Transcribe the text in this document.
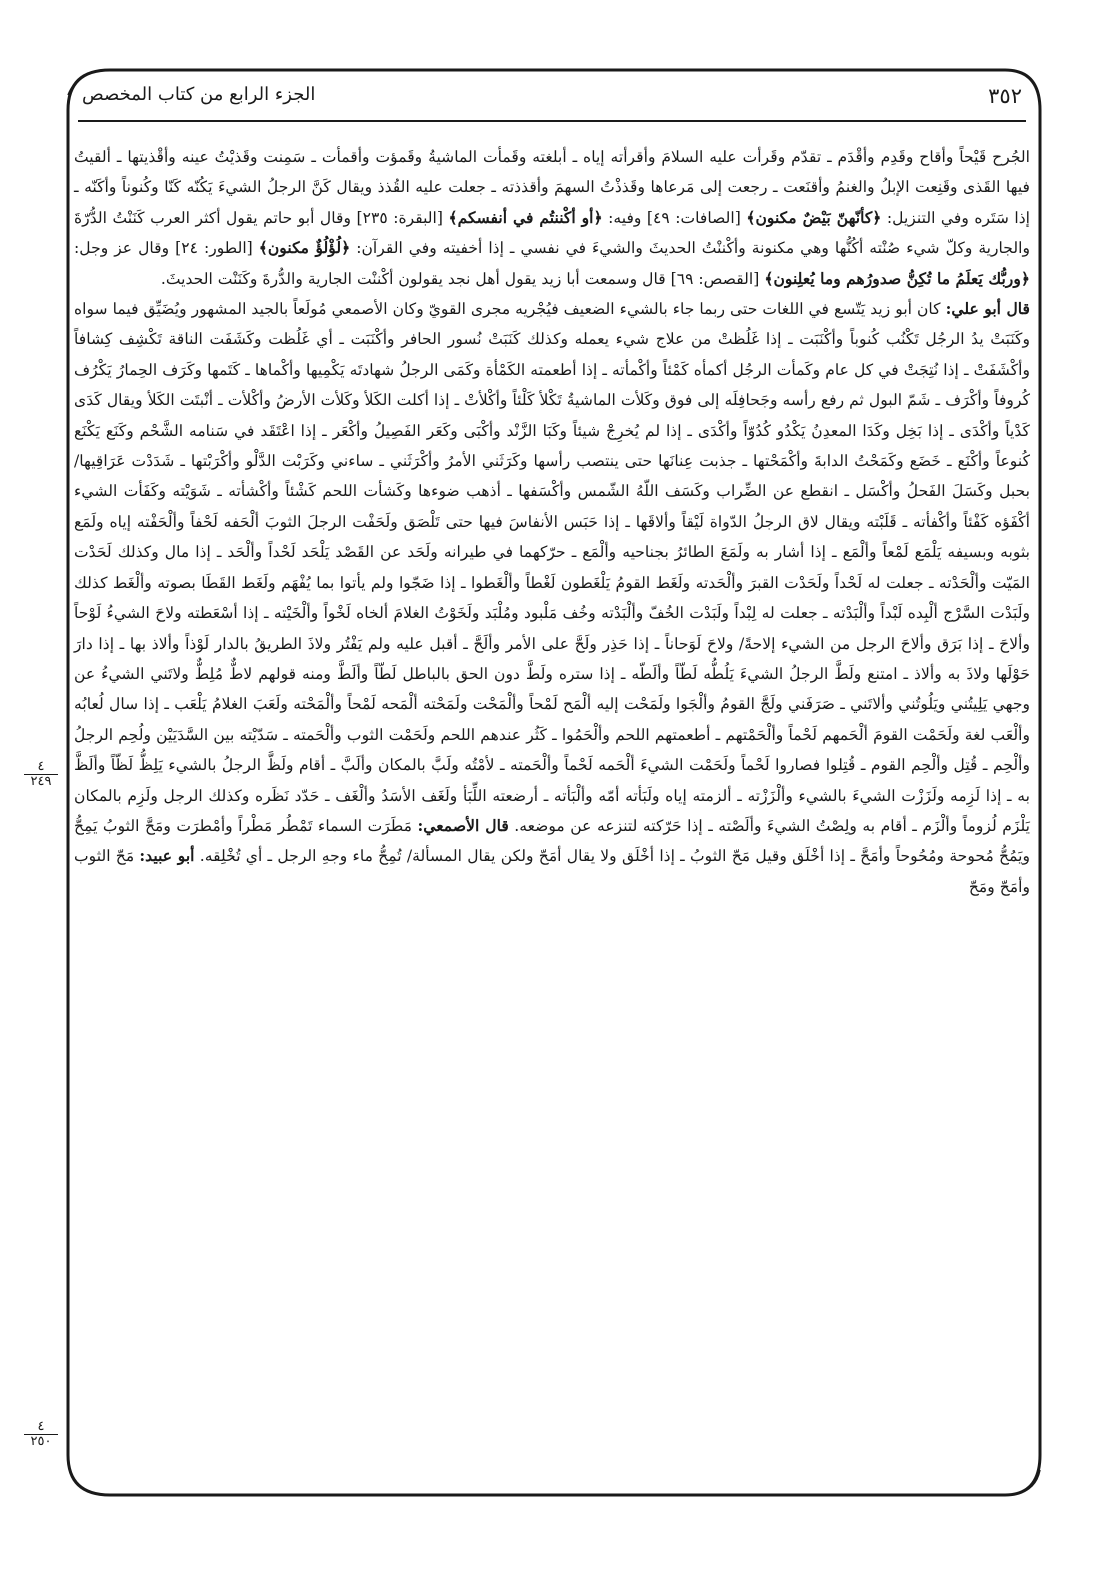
٣٥٢
الجزء الرابع من كتاب المخصص

الجُرح قَيْحاً وأقاح وقَدِم وأقْدَم ـ تقدّم وقَرأت عليه السلامَ وأقرأته إياه ـ أبلغته وقَمأت الماشيةُ وقَمؤت وأقمأت ـ سَمِنت وقَذيْتُ عينه وأقْذيتها ـ ألقيتُ فيها القَذى وقَنِعت الإبلُ والغنمُ وأقنَعت ـ رجعت إلى مَرعاها وقَذذْتُ السهمَ وأقذذته ـ جعلت عليه القُذذ ويقال كَنَّ الرجلُ الشيءَ يَكُنّه كَنّا وكُنوناً وأكَنّه ـ إذا سَتَره وفي التنزيل: ﴿كأنّهنّ بَيْضٌ مكنون﴾ [الصافات: ٤٩] وفيه: ﴿أو أكْننتُم في أنفسكم﴾ [البقرة: ٢٣٥] وقال أبو حاتم يقول أكثر العرب كَنَنْتُ الدُّرّةَ والجارية وكلّ شيء صُنْته أكُنُّها وهي مكنونة وأكْننْتُ الحديثَ والشيءَ في نفسي ـ إذا أخفيته وفي القرآن: ﴿لُؤْلُؤٌ مكنون﴾ [الطور: ٢٤] وقال عز وجل: ﴿وربُّك يَعلَمُ ما تُكِنُّ صدورُهم وما يُعلِنون﴾ [القصص: ٦٩] قال وسمعت أبا زيد يقول أهل نجد يقولون أكْننْت الجارية والدُّرةَ وكَنَنْت الحديثَ.

قال أبو علي: كان أبو زيد يَتّسع في اللغات حتى ربما جاء بالشيء الضعيف فيُجْريه مجرى القويّ وكان الأصمعي مُولَعاً بالجيد المشهور ويُضَيِّق فيما سواه وكَنَبَتْ يدُ الرجُل تَكْنُب كُنوباً وأكْنَبَت ـ إذا غَلُظتْ من علاج شيء يعمله وكذلك كَنَبَتْ نُسور الحافر وأكْنَبَت ـ أي غَلُظت وكَشَفَت الناقة تَكْشِف كِشافاً وأكْشَفَتْ ـ إذا نُتِجَتْ في كل عام وكَمأت الرجُل أكمأه كَمْئاً وأكْمأته ـ إذا أطعمته الكَمْأة وكَمَى الرجلُ شهادتَه يَكْمِيها وأكْماها ـ كَتَمها وكَرَف الحِمارُ يَكْرُف كُروفاً وأكْرَف ـ شَمّ البول ثم رفع رأسه وجَحافِلَه إلى فوق وكَلأت الماشيةُ تَكْلأ كَلْئاً وأكْلأتْ ـ إذا أكلت الكَلأ وكَلأت الأرضُ وأكْلأت ـ أنْبتَت الكَلأ ويقال كَدَى كَدْياً وأكْدَى ـ إذا بَخِل وكَدَا المعدِنُ يَكْدُو كُدُوّاً وأكْدَى ـ إذا لم يُخرِجْ شيئاً وكَبَا الزَّنْد وأكْبَى وكَعَر الفَصِيلُ وأكْعَر ـ إذا اعْتَقَد في سَنامه الشَّحْم وكَنَع يَكْنَع كُنوعاً وأكْنَع ـ خَضَع وكَمَحْتُ الدابةَ وأكْمَحْتها ـ جذبت عِنانَها حتى ينتصب رأسها وكَرَثَني الأمرُ وأكْرَثَني ـ ساءني وكَرَبْت الدَّلْو وأكْرَبْتها ـ شَدَدْت عَرَاقِيها/ بحبل وكَسَلَ الفَحلُ وأكْسَل ـ انقطع عن الضِّراب وكَسَف اللّهُ الشّمس وأكْسَفها ـ أذهب ضوءها وكَشأت اللحم كَشْئاً وأكْشأته ـ شَوَيْته وكَفَأت الشيء أكْفَؤه كَفْئاً وأكْفأته ـ قَلَبْته ويقال لاق الرجلُ الدّواة لَيْقاً وألاقَها ـ إذا حَبَس الأنفاسَ فيها حتى تَلْصَق ولَحَفْت الرجلَ الثوبَ ألْحَفه لَحْفاً وألْحَفْته إياه ولَمَع بثوبه وبسيفه يَلْمَع لَمْعاً وألْمَع ـ إذا أشار به ولَمَعَ الطائرُ بجناحيه وألْمَع ـ حرّكهما في طيرانه ولَحَد عن القَصْد يَلْحَد لَحْداً وألْحَد ـ إذا مال وكذلك لَحَدْت المَيّت وألْحَدْته ـ جعلت له لَحْداً ولَحَدْت القبرَ وألْحَدته ولَغَط القومُ يَلْغَطون لَغْطاً وألْغَطوا ـ إذا ضَجّوا ولم يأتوا بما يُفْهَم ولَغَط القَطَا بصوته وألْغَط كذلك ولَبَدْت السَّرْج ألْبِده لَبْداً وألْبَدْته ـ جعلت له لِبْداً ولَبَدْت الخُفّ وألْبَدْته وخُف مَلْبود ومُلْبَد ولَخَوْتُ الغلامَ ألخاه لَخْواً وألْخَيْته ـ إذا أسْعَطته ولاحَ الشيءُ لَوْحاً وألاحَ ـ إذا بَرَق وألاحَ الرجل من الشيء إلاحةً/ ولاحَ لَوَحاناً ـ إذا حَذِر ولَحَّ على الأمر وألَحَّ ـ أقبل عليه ولم يَفْتُر ولاذَ الطريقُ بالدار لَوْذاً وألاذ بها ـ إذا دارَ حَوْلَها ولاذَ به وألاذ ـ امتنع ولَطَّ الرجلُ الشيءَ يَلُطُّه لَطّاً وألَطّه ـ إذا ستره ولَطَّ دون الحق بالباطل لَطّاً وألَطَّ ومنه قولهم لاطٌّ مُلِطٌّ ولاتَني الشيءُ عن وجهي يَلِيتُني ويَلُوتُني وألاتَني ـ صَرَفَني ولَجَّ القومُ وألْجَوا ولَمَحْت إليه ألْمَح لَمْحاً وألْمَحْت ولَمَحْته ألْمَحه لَمْحاً وألْمَحْته ولَعَبَ الغلامُ يَلْعَب ـ إذا سال لُعابُه وألْعَب لغة ولَحَمْت القومَ ألْحَمهم لَحْماً وألْحَمْتهم ـ أطعمتهم اللحم وألْحَمُوا ـ كَثُر عندهم اللحم ولَحَمْت الثوب وألْحَمته ـ سَدّيْته بين السَّدَيَيْن ولُحِم الرجلُ وألْحِم ـ قُتِل وألْحِم القوم ـ قُتِلوا فصاروا لَحْماً ولَحَمْت الشيءَ ألْحَمه لَحْماً وألْحَمته ـ لأمْتُه ولَبَّ بالمكان وألَبَّ ـ أقام ولَظَّ الرجلُ بالشيء يَلِظُّ لَظّاً وألَظَّ به ـ إذا لَزِمه ولَزَزْت الشيءَ بالشيء وألْزَزْته ـ ألزمته إياه ولَبَأته أمّه وألْبَأته ـ أرضعته اللِّبَأ ولَغَف الأسَدُ وألْغَف ـ حَدّد نَظَره وكذلك الرجل ولَزِم بالمكان يَلْزَم لُزوماً وألْزَم ـ أقام به ولِصْتُ الشيءَ وألَصْته ـ إذا حَرّكته لتنزعه عن موضعه. قال الأصمعي: مَطَرَت السماء تَمْطُر مَطْراً وأمْطرَت ومَحَّ الثوبُ يَمِحُّ ويَمُحُّ مُحوحة ومُحُوحاً وأمَحَّ ـ إذا أخْلَق وقيل مَحّ الثوبُ ـ إذا أخْلَق ولا يقال أمَحّ ولكن يقال المسألة/ تُمِحُّ ماء وجهِ الرجل ـ أي تُخْلِقه. أبو عبيد: مَحّ الثوب وأمَحّ ومَحّ

٤
٢٤٩
٤
٢٥٠
